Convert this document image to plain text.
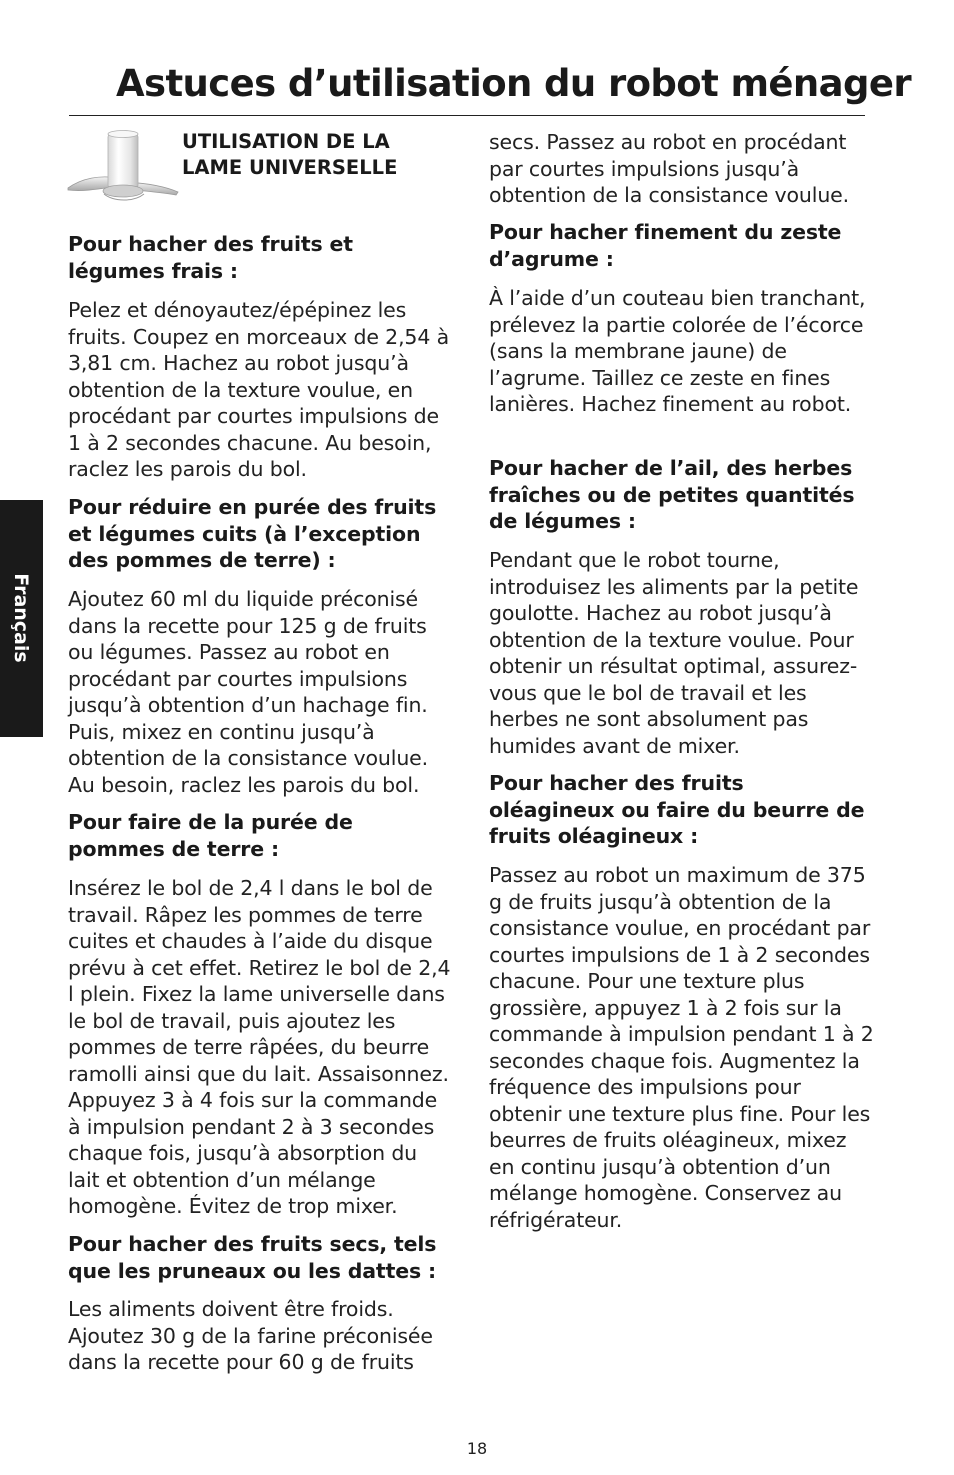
Astuces d’utilisation du robot ménager
Français
UTILISATION DE LA
LAME UNIVERSELLE
Pour hacher des fruits et légumes frais :

Pelez et dénoyautez/épépinez les fruits. Coupez en morceaux de 2,54 à 3,81 cm. Hachez au robot jusqu’à obtention de la texture voulue, en procédant par courtes impulsions de 1 à 2 secondes chacune. Au besoin, raclez les parois du bol.

Pour réduire en purée des fruits et légumes cuits (à l’exception des pommes de terre) :

Ajoutez 60 ml du liquide préconisé dans la recette pour 125 g de fruits ou légumes. Passez au robot en procédant par courtes impulsions jusqu’à obtention d’un hachage fin. Puis, mixez en continu jusqu’à obtention de la consistance voulue. Au besoin, raclez les parois du bol.

Pour faire de la purée de pommes de terre :

Insérez le bol de 2,4 l dans le bol de travail. Râpez les pommes de terre cuites et chaudes à l’aide du disque prévu à cet effet. Retirez le bol de 2,4 l plein. Fixez la lame universelle dans le bol de travail, puis ajoutez les pommes de terre râpées, du beurre ramolli ainsi que du lait. Assaisonnez. Appuyez 3 à 4 fois sur la commande à impulsion pendant 2 à 3 secondes chaque fois, jusqu’à absorption du lait et obtention d’un mélange homogène. Évitez de trop mixer.

Pour hacher des fruits secs, tels que les pruneaux ou les dattes :

Les aliments doivent être froids. Ajoutez 30 g de la farine préconisée dans la recette pour 60 g de fruits

secs. Passez au robot en procédant par courtes impulsions jusqu’à obtention de la consistance voulue.

Pour hacher finement du zeste d’agrume :

À l’aide d’un couteau bien tranchant, prélevez la partie colorée de l’écorce (sans la membrane jaune) de l’agrume. Taillez ce zeste en fines lanières. Hachez finement au robot.

Pour hacher de l’ail, des herbes fraîches ou de petites quantités de légumes :

Pendant que le robot tourne, introduisez les aliments par la petite goulotte. Hachez au robot jusqu’à obtention de la texture voulue. Pour obtenir un résultat optimal, assurez-vous que le bol de travail et les herbes ne sont absolument pas humides avant de mixer.

Pour hacher des fruits oléagineux ou faire du beurre de fruits oléagineux :

Passez au robot un maximum de 375 g de fruits jusqu’à obtention de la consistance voulue, en procédant par courtes impulsions de 1 à 2 secondes chacune. Pour une texture plus grossière, appuyez 1 à 2 fois sur la commande à impulsion pendant 1 à 2 secondes chaque fois. Augmentez la fréquence des impulsions pour obtenir une texture plus fine. Pour les beurres de fruits oléagineux, mixez en continu jusqu’à obtention d’un mélange homogène. Conservez au réfrigérateur.

18
